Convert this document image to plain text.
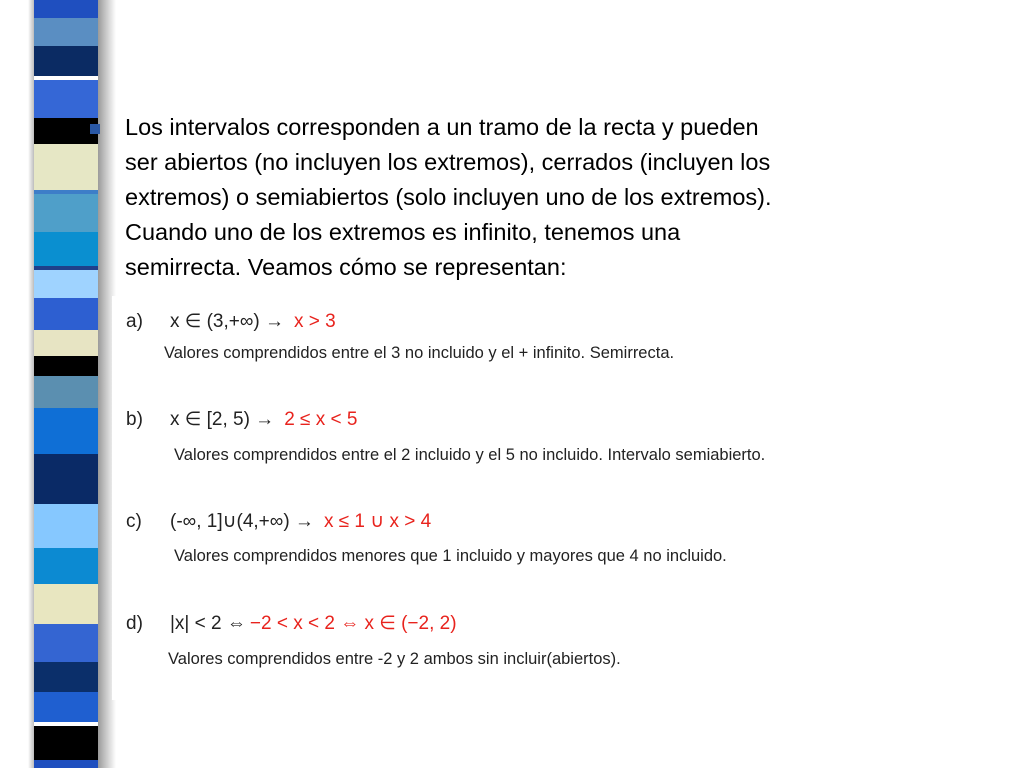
Los intervalos corresponden a un tramo de la recta y pueden
ser abiertos (no incluyen los extremos), cerrados (incluyen los
extremos) o semiabiertos (solo incluyen uno de los extremos).
Cuando uno de los extremos es infinito, tenemos una
semirrecta. Veamos cómo se representan:

a)	x ∈ (3,+∞) → x > 3
Valores comprendidos entre el 3 no incluido y el + infinito. Semirrecta.
b)	x ∈ [2, 5) → 2 ≤ x < 5
Valores comprendidos entre el 2 incluido y el 5 no incluido. Intervalo semiabierto.
c)	(-∞, 1]∪(4,+∞) → x ≤ 1 ∪ x > 4
Valores comprendidos menores que 1 incluido y mayores que 4 no incluido.
d)	|x| < 2 ⇔ −2 < x < 2 ⇔ x ∈ (−2, 2)
Valores comprendidos entre -2 y 2 ambos sin incluir(abiertos).
